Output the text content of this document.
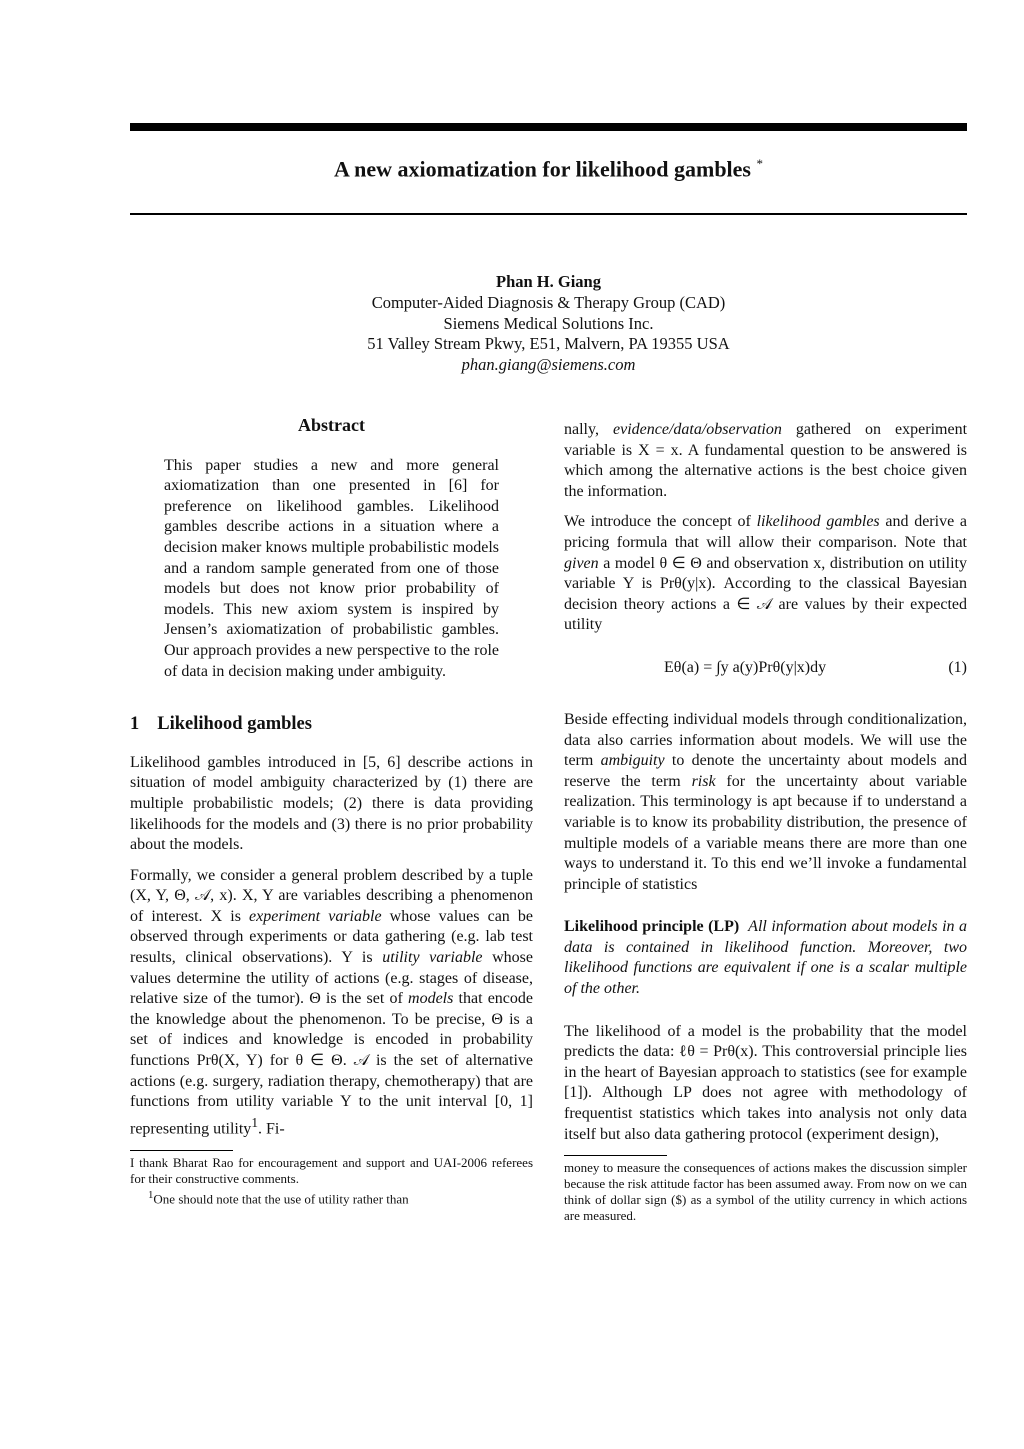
A new axiomatization for likelihood gambles *
Phan H. Giang
Computer-Aided Diagnosis & Therapy Group (CAD)
Siemens Medical Solutions Inc.
51 Valley Stream Pkwy, E51, Malvern, PA 19355 USA
phan.giang@siemens.com
Abstract
This paper studies a new and more general axiomatization than one presented in [6] for preference on likelihood gambles. Likelihood gambles describe actions in a situation where a decision maker knows multiple probabilistic models and a random sample generated from one of those models but does not know prior probability of models. This new axiom system is inspired by Jensen’s axiomatization of probabilistic gambles. Our approach provides a new perspective to the role of data in decision making under ambiguity.
1 Likelihood gambles

Likelihood gambles introduced in [5, 6] describe actions in situation of model ambiguity characterized by (1) there are multiple probabilistic models; (2) there is data providing likelihoods for the models and (3) there is no prior probability about the models.

Formally, we consider a general problem described by a tuple (X, Y, Θ, 𝒜, x). X, Y are variables describing a phenomenon of interest. X is experiment variable whose values can be observed through experiments or data gathering (e.g. lab test results, clinical observations). Y is utility variable whose values determine the utility of actions (e.g. stages of disease, relative size of the tumor). Θ is the set of models that encode the knowledge about the phenomenon. To be precise, Θ is a set of indices and knowledge is encoded in probability functions Prθ(X, Y) for θ ∈ Θ. 𝒜 is the set of alternative actions (e.g. surgery, radiation therapy, chemotherapy) that are functions from utility variable Y to the unit interval [0, 1] representing utility$^1$. Fi-

I thank Bharat Rao for encouragement and support and UAI-2006 referees for their constructive comments.

$^1$One should note that the use of utility rather than

nally, evidence/data/observation gathered on experiment variable is X = x. A fundamental question to be answered is which among the alternative actions is the best choice given the information.

We introduce the concept of likelihood gambles and derive a pricing formula that will allow their comparison. Note that given a model θ ∈ Θ and observation x, distribution on utility variable Y is Prθ(y|x). According to the classical Bayesian decision theory actions a ∈ 𝒜 are values by their expected utility

Eθ(a) = ∫y a(y)Prθ(y|x)dy	(1)

Beside effecting individual models through conditionalization, data also carries information about models. We will use the term ambiguity to denote the uncertainty about models and reserve the term risk for the uncertainty about variable realization. This terminology is apt because if to understand a variable is to know its probability distribution, the presence of multiple models of a variable means there are more than one ways to understand it. To this end we’ll invoke a fundamental principle of statistics

Likelihood principle (LP) All information about models in a data is contained in likelihood function. Moreover, two likelihood functions are equivalent if one is a scalar multiple of the other.

The likelihood of a model is the probability that the model predicts the data: ℓθ = Prθ(x). This controversial principle lies in the heart of Bayesian approach to statistics (see for example [1]). Although LP does not agree with methodology of frequentist statistics which takes into analysis not only data itself but also data gathering protocol (experiment design),

money to measure the consequences of actions makes the discussion simpler because the risk attitude factor has been assumed away. From now on we can think of dollar sign ($) as a symbol of the utility currency in which actions are measured.
